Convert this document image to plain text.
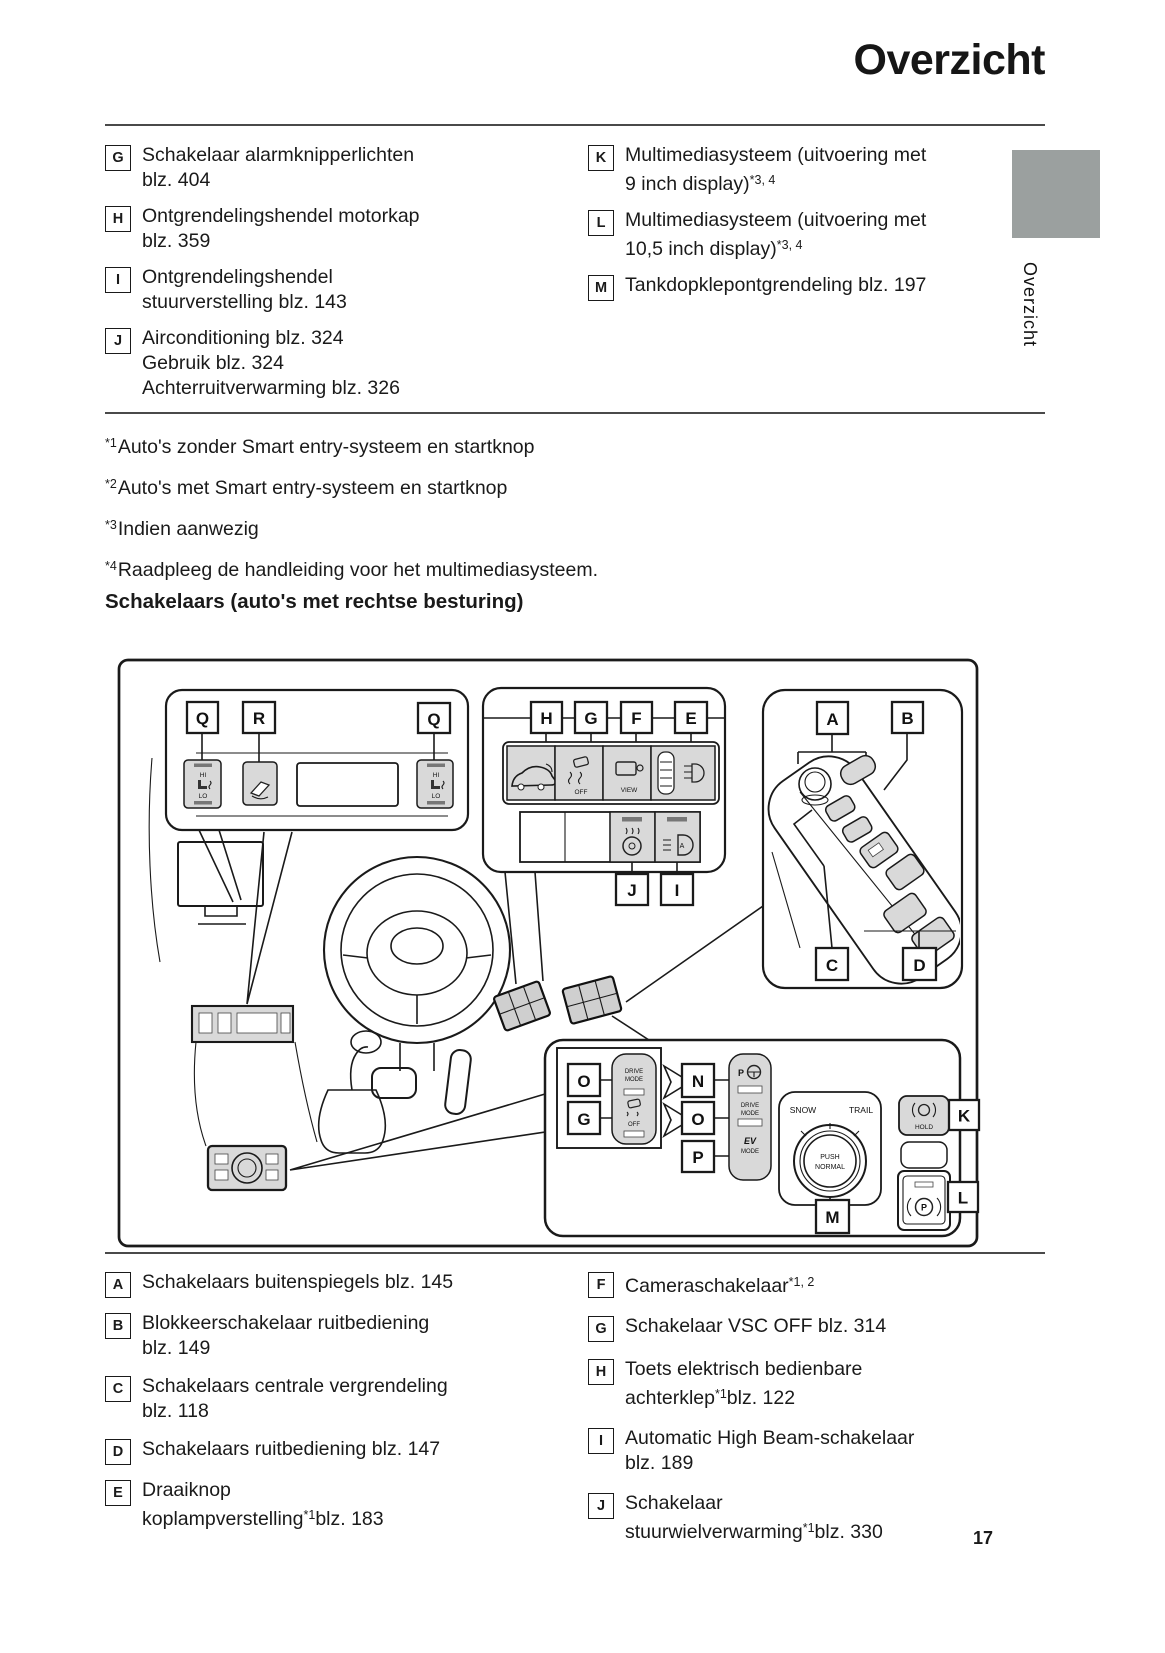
Overzicht
Overzicht
G Schakelaar alarmknipperlichten
blz. 404
H Ontgrendelingshendel motorkap
blz. 359
I	Ontgrendelingshendel
stuurverstelling blz. 143
J	Airconditioning blz. 324
Gebruik blz. 324
Achterruitverwarming blz. 326
K Multimediasysteem (uitvoering met
9 inch display)$^{*3, 4}$
L	Multimediasysteem (uitvoering met
10,5 inch display)$^{*3, 4}$
M Tankdopklepontgrendeling blz. 197
$^{*1}$Auto's zonder Smart entry-systeem en startknop
$^{*2}$Auto's met Smart entry-systeem en startknop
$^{*3}$Indien aanwezig
$^{*4}$Raadpleeg de handleiding voor het multimediasysteem.
Schakelaars (auto's met rechtse besturing)
Q	R	Q
HI
LO
HI
LO
H G F	E
OFF	VIEW
A
J I
A	B
C	D
O
G
DRIVE
MODE
OFF
N
O
P
P
DRIVE
MODE
EV
MODE
SNOW	TRAIL
PUSH
NORMAL
M
HOLD
K
P L
A Schakelaars buitenspiegels blz. 145
B Blokkeerschakelaar ruitbediening
blz. 149
C Schakelaars centrale vergrendeling
blz. 118
D Schakelaars ruitbediening blz. 147
E Draaiknop
koplampverstelling$^{*1}$blz. 183
F	Cameraschakelaar$^{*1, 2}$
G Schakelaar VSC OFF blz. 314
H Toets elektrisch bedienbare
achterklep$^{*1}$blz. 122
I	Automatic High Beam-schakelaar
blz. 189
J	Schakelaar
stuurwielverwarming$^{*1}$blz. 330	17
